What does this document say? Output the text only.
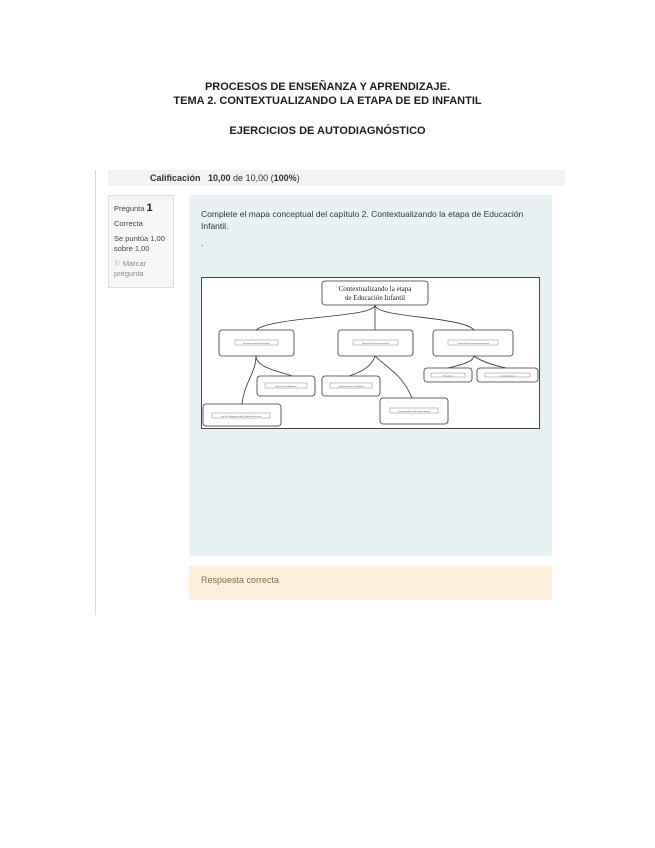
PROCESOS DE ENSEÑANZA Y APRENDIZAJE.
TEMA 2. CONTEXTUALIZANDO LA ETAPA DE ED INFANTIL
EJERCICIOS DE AUTODIAGNÓSTICO
Calificación 10,00 de 10,00 (100%)
Pregunta 1
Correcta
Se puntúa 1,00
sobre 1,00
⚐ Marcar
pregunta
Complete el mapa conceptual del capítulo 2. Contextualizando la etapa de Educación Infantil.
.
Contextualizando la etapa
de Educación Infantil
Sistema Educativo Español	Etapa de Educación Infantil	Profesional de Educación Infantil
Educación Obligatoria	Organización y Finalidades
Funciones	Competencias
Ley de Ordenación del Sistema Educativo
Características Educación Infantil
Respuesta correcta
